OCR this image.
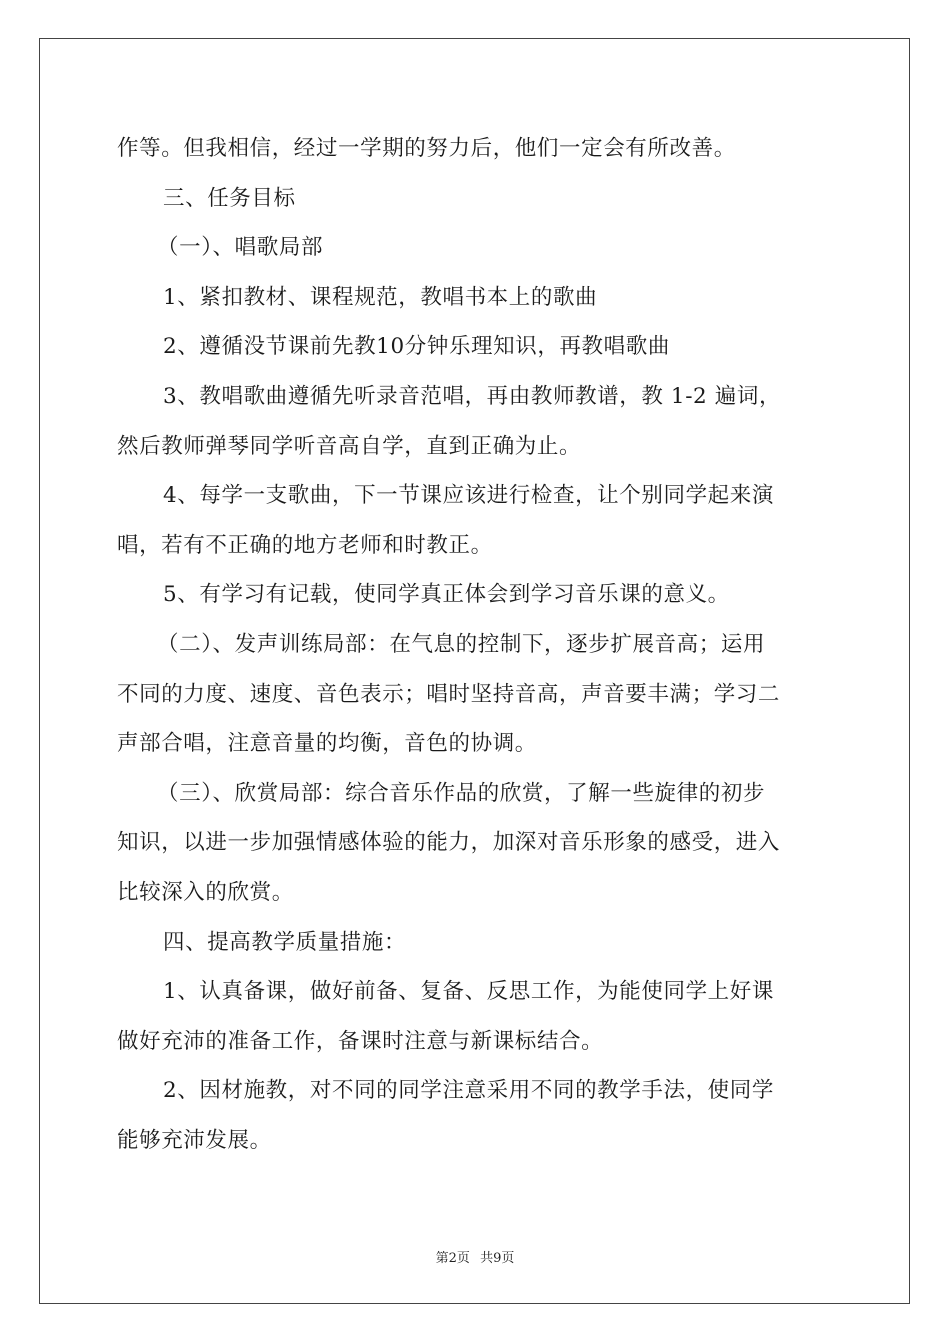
作等。但我相信，经过一学期的努力后，他们一定会有所改善。
三、任务目标
（一）、唱歌局部
1、紧扣教材、课程规范，教唱书本上的歌曲
2、遵循没节课前先教10分钟乐理知识，再教唱歌曲
3、教唱歌曲遵循先听录音范唱，再由教师教谱，教 1-2 遍词，
然后教师弹琴同学听音高自学，直到正确为止。
4、每学一支歌曲，下一节课应该进行检查，让个别同学起来演
唱，若有不正确的地方老师和时教正。
5、有学习有记载，使同学真正体会到学习音乐课的意义。
（二）、发声训练局部：在气息的控制下，逐步扩展音高；运用
不同的力度、速度、音色表示；唱时坚持音高，声音要丰满；学习二
声部合唱，注意音量的均衡，音色的协调。
（三）、欣赏局部：综合音乐作品的欣赏，了解一些旋律的初步
知识，以进一步加强情感体验的能力，加深对音乐形象的感受，进入
比较深入的欣赏。
四、提高教学质量措施：
1、认真备课，做好前备、复备、反思工作，为能使同学上好课
做好充沛的准备工作，备课时注意与新课标结合。
2、因材施教，对不同的同学注意采用不同的教学手法，使同学
能够充沛发展。
第2页 共9页
